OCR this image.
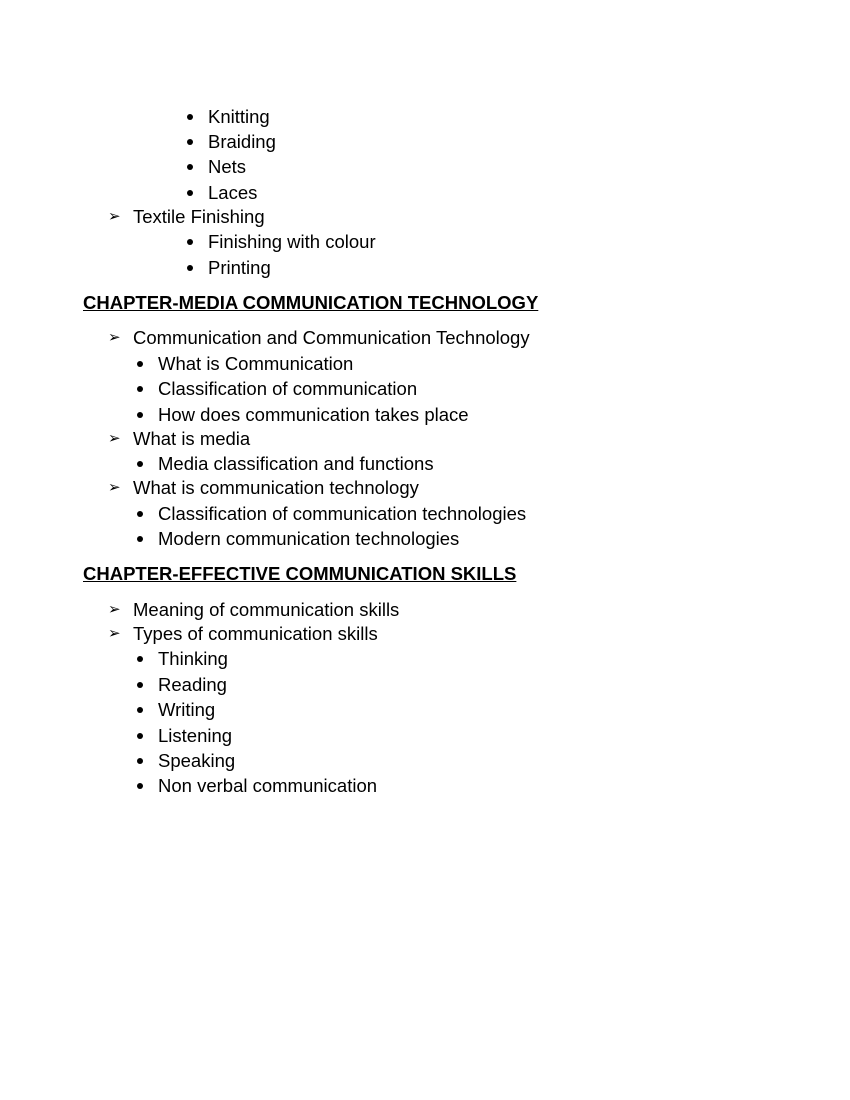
Knitting
Braiding
Nets
Laces
➢ Textile Finishing
Finishing with colour
Printing
CHAPTER-MEDIA COMMUNICATION TECHNOLOGY
➢ Communication and Communication Technology
What is Communication
Classification of communication
How does communication takes place
➢ What is media
Media classification and functions
➢ What is communication technology
Classification of communication technologies
Modern communication technologies
CHAPTER-EFFECTIVE COMMUNICATION SKILLS
➢ Meaning of communication skills
➢ Types of communication skills
Thinking
Reading
Writing
Listening
Speaking
Non verbal communication
